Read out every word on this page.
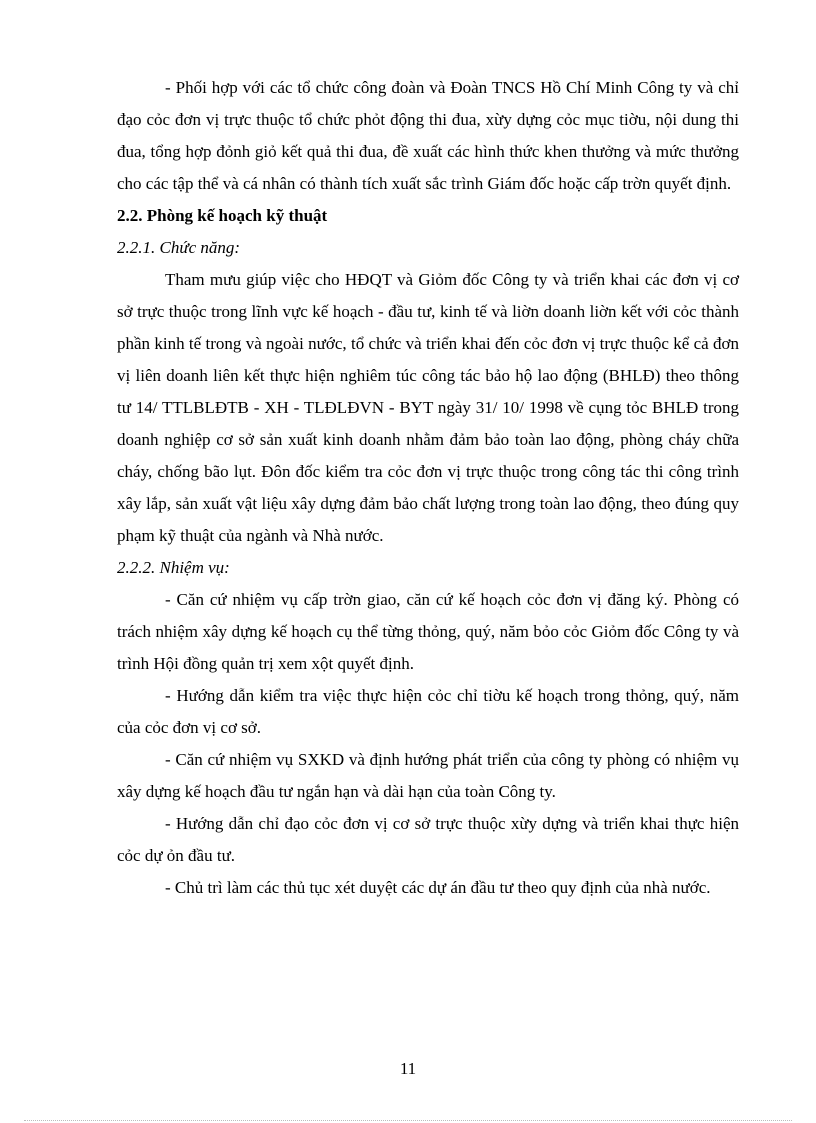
- Phối hợp với các tổ chức công đoàn và Đoàn TNCS Hồ Chí Minh Công ty và chỉ đạo cỏc đơn vị trực thuộc tổ chức phỏt động thi đua, xừy dựng cỏc mục tiờu, nội dung thi đua, tổng hợp đỏnh giỏ kết quả thi đua, đề xuất các hình thức khen thưởng và mức thưởng cho các tập thể và cá nhân có thành tích xuất sắc trình Giám đốc hoặc cấp trờn quyết định.

2.2. Phòng kế hoạch kỹ thuật

2.2.1. Chức năng:

Tham mưu giúp việc cho HĐQT và Giỏm đốc Công ty và triển khai các đơn vị cơ sở trực thuộc trong lĩnh vực kế hoạch - đầu tư, kinh tế và liờn doanh liờn kết với cỏc thành phần kinh tế trong và ngoài nước, tổ chức và triển khai đến cỏc đơn vị trực thuộc kể cả đơn vị liên doanh liên kết thực hiện nghiêm túc công tác bảo hộ lao động (BHLĐ) theo thông tư 14/ TTLBLĐTB - XH - TLĐLĐVN - BYT ngày 31/ 10/ 1998 về cụng tỏc BHLĐ trong doanh nghiệp cơ sở sản xuất kinh doanh nhằm đảm bảo toàn lao động, phòng cháy chữa cháy, chống bão lụt. Đôn đốc kiểm tra cỏc đơn vị trực thuộc trong công tác thi công trình xây lắp, sản xuất vật liệu xây dựng đảm bảo chất lượng trong toàn lao động, theo đúng quy phạm kỹ thuật của ngành và Nhà nước.

2.2.2. Nhiệm vụ:

- Căn cứ nhiệm vụ cấp trờn giao, căn cứ kế hoạch cỏc đơn vị đăng ký. Phòng có trách nhiệm xây dựng kế hoạch cụ thể từng thỏng, quý, năm bỏo cỏc Giỏm đốc Công ty và trình Hội đồng quản trị xem xột quyết định.

- Hướng dẫn kiểm tra việc thực hiện cỏc chỉ tiờu kế hoạch trong thỏng, quý, năm của cỏc đơn vị cơ sở.

- Căn cứ nhiệm vụ SXKD và định hướng phát triển của công ty phòng có nhiệm vụ xây dựng kế hoạch đầu tư ngắn hạn và dài hạn của toàn Công ty.

- Hướng dẫn chỉ đạo cỏc đơn vị cơ sở trực thuộc xừy dựng và triển khai thực hiện cỏc dự ỏn đầu tư.

- Chủ trì làm các thủ tục xét duyệt các dự án đầu tư theo quy định của nhà nước.

11
